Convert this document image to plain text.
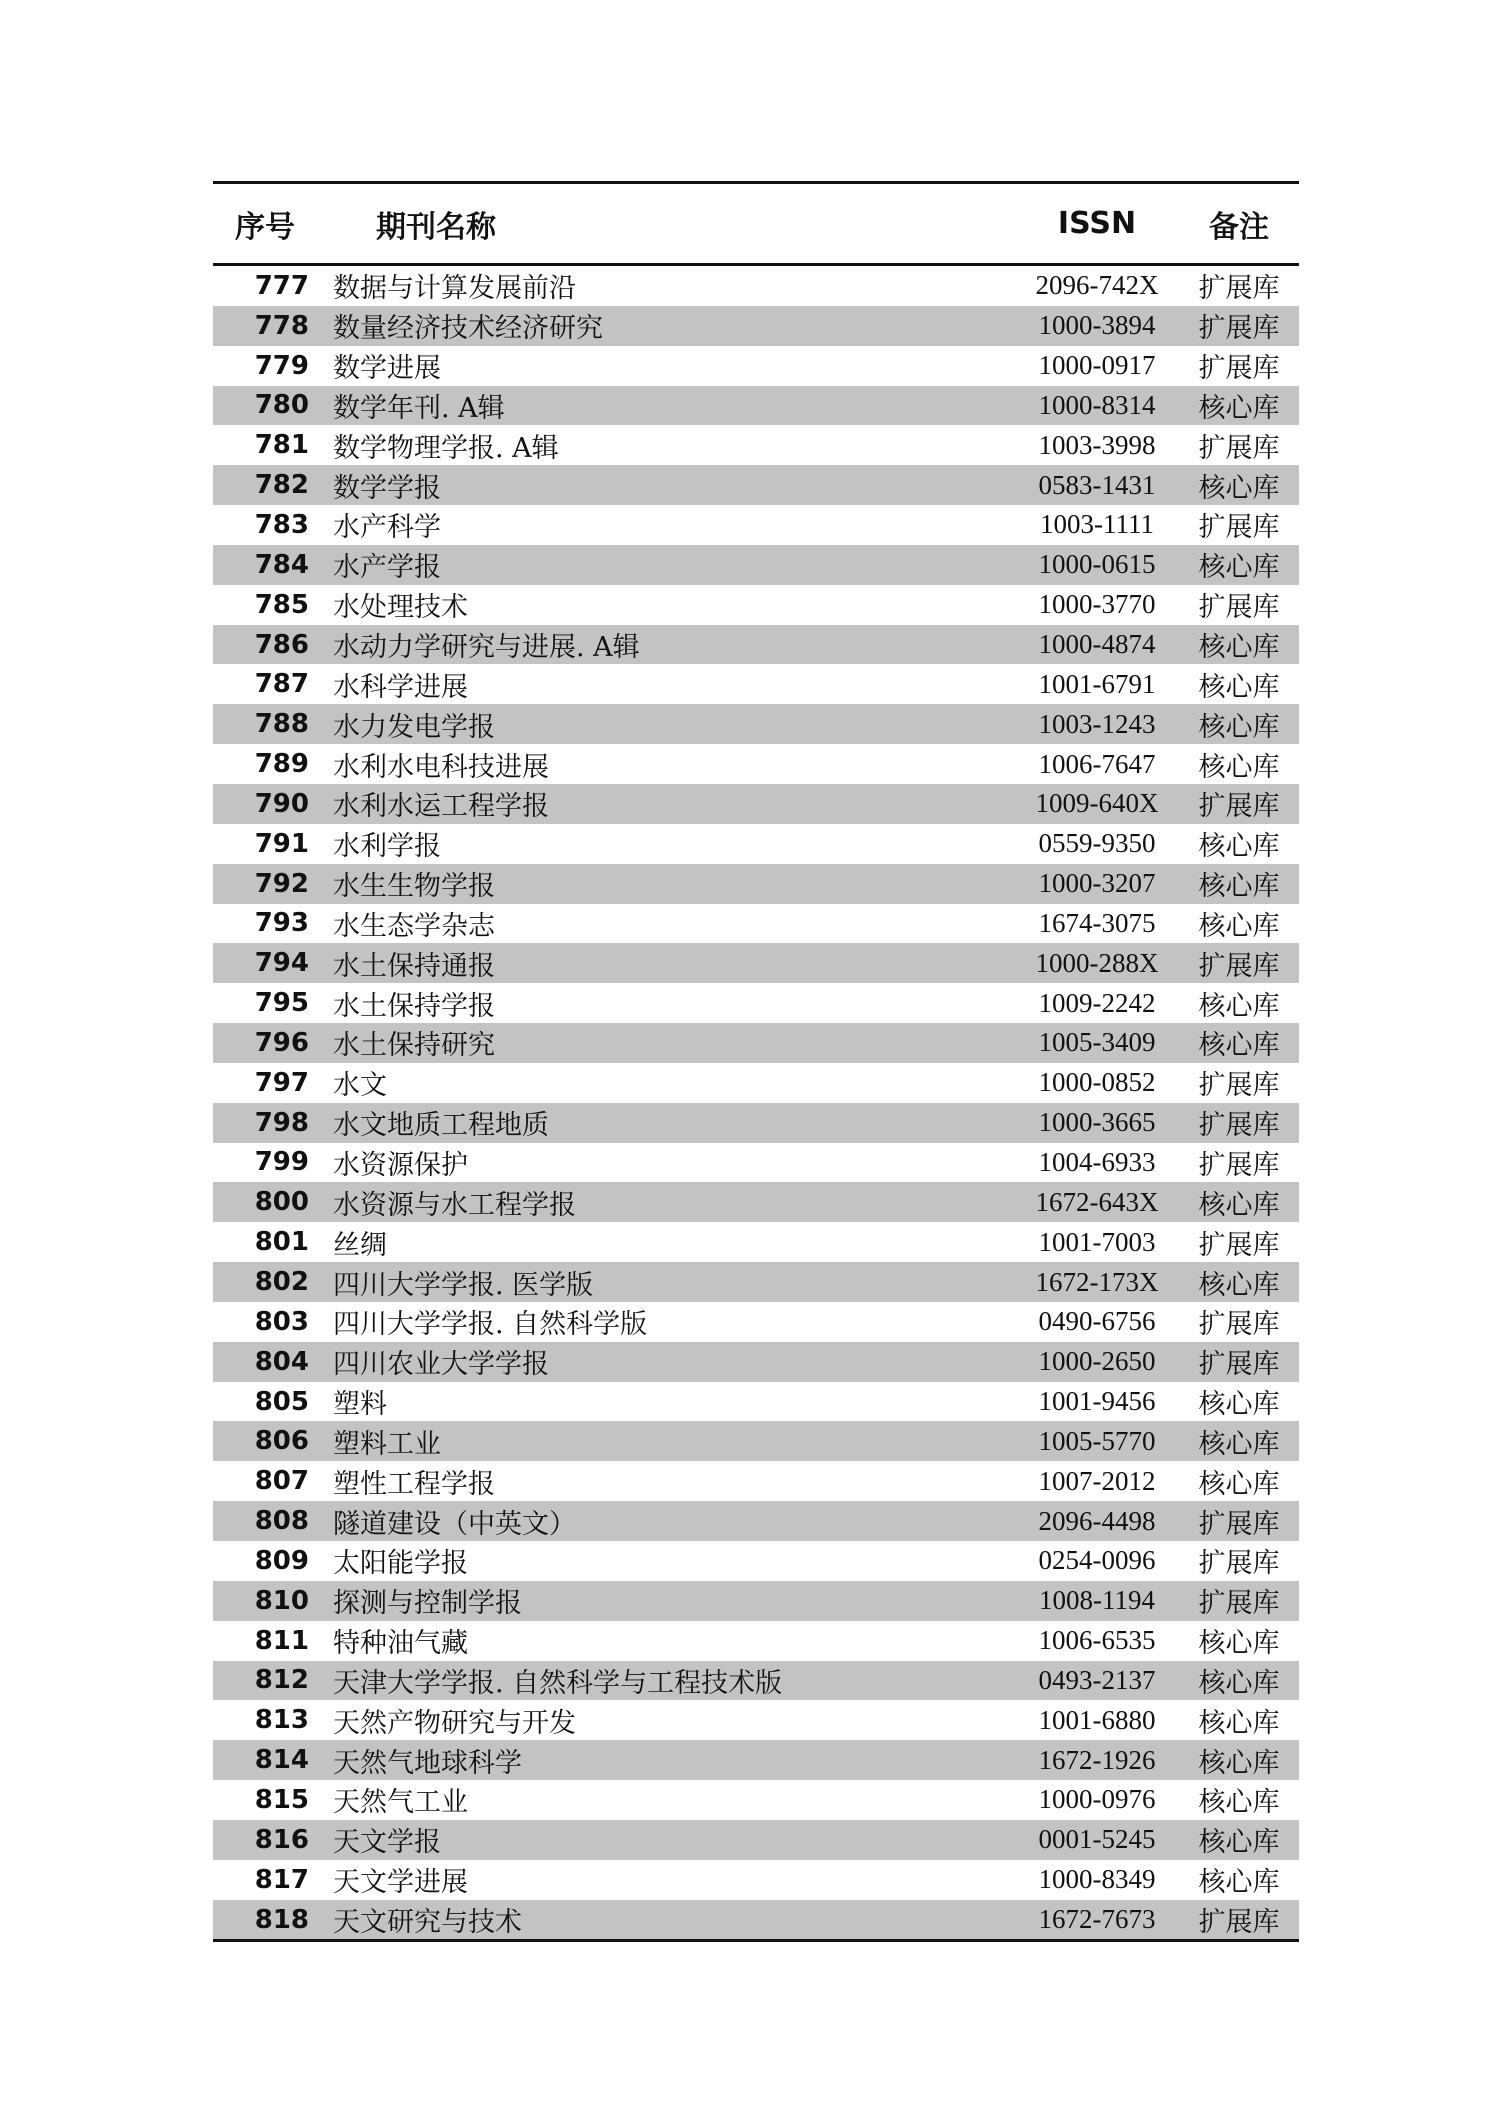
序号	期刊名称	ISSN	备注
777 数据与计算发展前沿	2096-742X	扩展库
778 数量经济技术经济研究	1000-3894	扩展库
779 数学进展	1000-0917	扩展库
780 数学年刊. A辑	1000-8314	核心库
781 数学物理学报. A辑	1003-3998	扩展库
782 数学学报	0583-1431	核心库
783 水产科学	1003-1111	扩展库
784 水产学报	1000-0615	核心库
785 水处理技术	1000-3770	扩展库
786 水动力学研究与进展. A辑	1000-4874	核心库
787 水科学进展	1001-6791	核心库
788 水力发电学报	1003-1243	核心库
789 水利水电科技进展	1006-7647	核心库
790 水利水运工程学报	1009-640X	扩展库
791 水利学报	0559-9350	核心库
792 水生生物学报	1000-3207	核心库
793 水生态学杂志	1674-3075	核心库
794 水土保持通报	1000-288X	扩展库
795 水土保持学报	1009-2242	核心库
796 水土保持研究	1005-3409	核心库
797 水文	1000-0852	扩展库
798 水文地质工程地质	1000-3665	扩展库
799 水资源保护	1004-6933	扩展库
800 水资源与水工程学报	1672-643X	核心库
801 丝绸	1001-7003	扩展库
802 四川大学学报. 医学版	1672-173X	核心库
803 四川大学学报. 自然科学版	0490-6756	扩展库
804 四川农业大学学报	1000-2650	扩展库
805 塑料	1001-9456	核心库
806 塑料工业	1005-5770	核心库
807 塑性工程学报	1007-2012	核心库
808 隧道建设（中英文）	2096-4498	扩展库
809 太阳能学报	0254-0096	扩展库
810 探测与控制学报	1008-1194	扩展库
811 特种油气藏	1006-6535	核心库
812 天津大学学报. 自然科学与工程技术版	0493-2137	核心库
813 天然产物研究与开发	1001-6880	核心库
814 天然气地球科学	1672-1926	核心库
815 天然气工业	1000-0976	核心库
816 天文学报	0001-5245	核心库
817 天文学进展	1000-8349	核心库
818 天文研究与技术	1672-7673	扩展库
